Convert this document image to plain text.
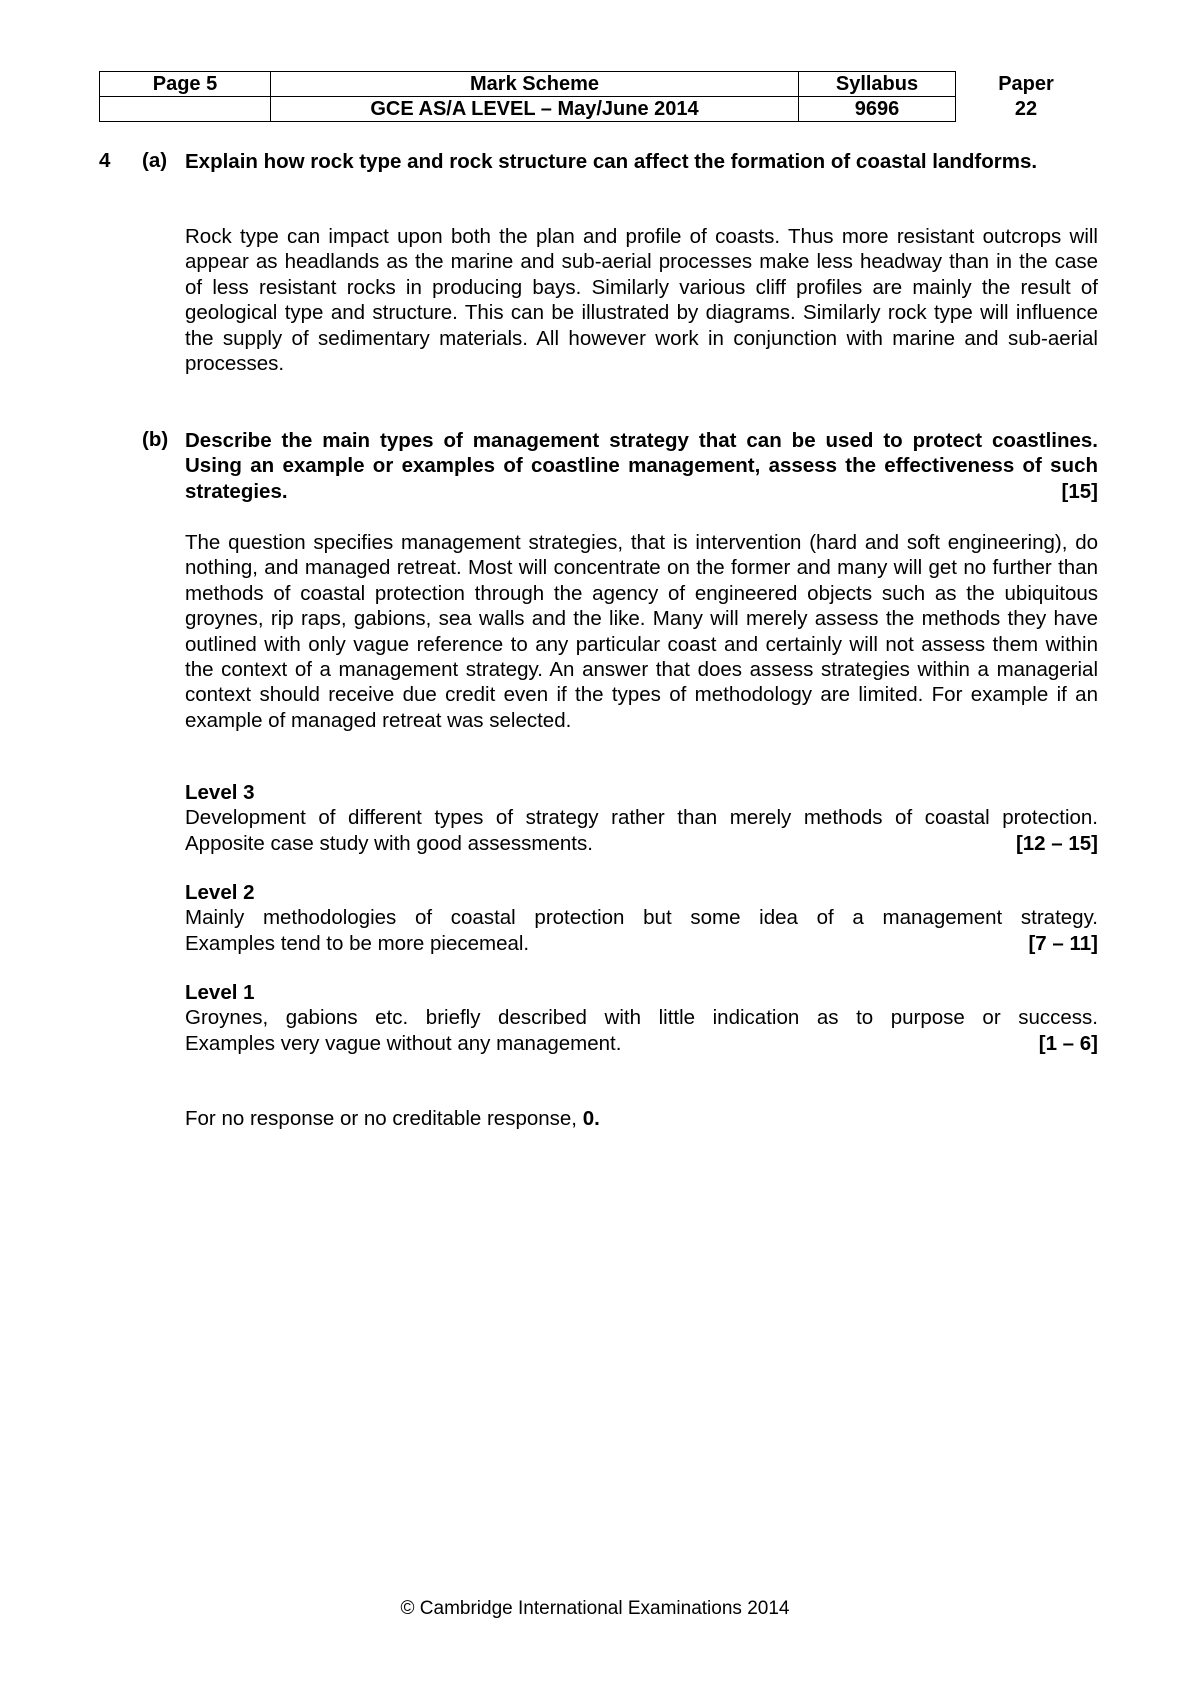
Page 5	Mark Scheme	Syllabus	Paper
	GCE AS/A LEVEL – May/June 2014	9696	22
4 (a) Explain how rock type and rock structure can affect the formation of coastal landforms.
Rock type can impact upon both the plan and profile of coasts. Thus more resistant outcrops will appear as headlands as the marine and sub-aerial processes make less headway than in the case of less resistant rocks in producing bays. Similarly various cliff profiles are mainly the result of geological type and structure. This can be illustrated by diagrams. Similarly rock type will influence the supply of sedimentary materials. All however work in conjunction with marine and sub-aerial processes.
(b) Describe the main types of management strategy that can be used to protect coastlines. Using an example or examples of coastline management, assess the effectiveness of such strategies.	[15]
The question specifies management strategies, that is intervention (hard and soft engineering), do nothing, and managed retreat. Most will concentrate on the former and many will get no further than methods of coastal protection through the agency of engineered objects such as the ubiquitous groynes, rip raps, gabions, sea walls and the like. Many will merely assess the methods they have outlined with only vague reference to any particular coast and certainly will not assess them within the context of a management strategy. An answer that does assess strategies within a managerial context should receive due credit even if the types of methodology are limited. For example if an example of managed retreat was selected.
Level 3
Development of different types of strategy rather than merely methods of coastal protection.
Apposite case study with good assessments.	[12 – 15]
Level 2
Mainly methodologies of coastal protection but some idea of a management strategy.
Examples tend to be more piecemeal.	[7 – 11]
Level 1
Groynes, gabions etc. briefly described with little indication as to purpose or success.
Examples very vague without any management.	[1 – 6]
For no response or no creditable response, 0.
© Cambridge International Examinations 2014
